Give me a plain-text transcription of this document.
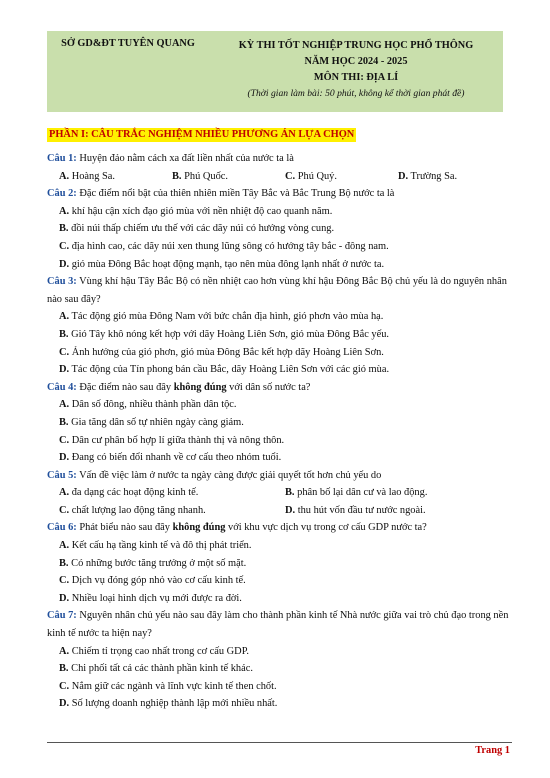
SỞ GD&ĐT TUYÊN QUANG	KỲ THI TỐT NGHIỆP TRUNG HỌC PHỔ THÔNG
NĂM HỌC 2024 - 2025
MÔN THI: ĐỊA LÍ
(Thời gian làm bài: 50 phút, không kể thời gian phát đề)
PHẦN I: CÂU TRẮC NGHIỆM NHIỀU PHƯƠNG ÁN LỰA CHỌN
Câu 1: Huyện đảo nằm cách xa đất liền nhất của nước ta là
A. Hoàng Sa.	B. Phú Quốc.	C. Phú Quý.	D. Trường Sa.
Câu 2: Đặc điểm nổi bật của thiên nhiên miền Tây Bắc và Bắc Trung Bộ nước ta là
A. khí hậu cận xích đạo gió mùa với nền nhiệt độ cao quanh năm.
B. đồi núi thấp chiếm ưu thế với các dãy núi có hướng vòng cung.
C. địa hình cao, các dãy núi xen thung lũng sông có hướng tây bắc - đông nam.
D. gió mùa Đông Bắc hoạt động mạnh, tạo nên mùa đông lạnh nhất ở nước ta.
Câu 3: Vùng khí hậu Tây Bắc Bộ có nền nhiệt cao hơn vùng khí hậu Đông Bắc Bộ chủ yếu là do nguyên nhân nào sau đây?
A. Tác động gió mùa Đông Nam với bức chắn địa hình, gió phơn vào mùa hạ.
B. Gió Tây khô nóng kết hợp với dãy Hoàng Liên Sơn, gió mùa Đông Bắc yếu.
C. Ảnh hưởng của gió phơn, gió mùa Đông Bắc kết hợp dãy Hoàng Liên Sơn.
D. Tác động của Tín phong bán cầu Bắc, dãy Hoàng Liên Sơn với các gió mùa.
Câu 4: Đặc điểm nào sau đây không đúng với dân số nước ta?
A. Dân số đông, nhiều thành phần dân tộc.
B. Gia tăng dân số tự nhiên ngày càng giảm.
C. Dân cư phân bố hợp lí giữa thành thị và nông thôn.
D. Đang có biến đổi nhanh về cơ cấu theo nhóm tuổi.
Câu 5: Vấn đề việc làm ở nước ta ngày càng được giải quyết tốt hơn chủ yếu do
A. đa dạng các hoạt động kinh tế.	B. phân bố lại dân cư và lao động.
C. chất lượng lao động tăng nhanh.	D. thu hút vốn đầu tư nước ngoài.
Câu 6: Phát biểu nào sau đây không đúng với khu vực dịch vụ trong cơ cấu GDP nước ta?
A. Kết cấu hạ tầng kinh tế và đô thị phát triển.
B. Có những bước tăng trưởng ở một số mặt.
C. Dịch vụ đóng góp nhỏ vào cơ cấu kinh tế.
D. Nhiều loại hình dịch vụ mới được ra đời.
Câu 7: Nguyên nhân chủ yếu nào sau đây làm cho thành phần kinh tế Nhà nước giữa vai trò chủ đạo trong nền kinh tế nước ta hiện nay?
A. Chiếm tỉ trọng cao nhất trong cơ cấu GDP.
B. Chi phối tất cả các thành phần kinh tế khác.
C. Nắm giữ các ngành và lĩnh vực kinh tế then chốt.
D. Số lượng doanh nghiệp thành lập mới nhiều nhất.
Trang 1
